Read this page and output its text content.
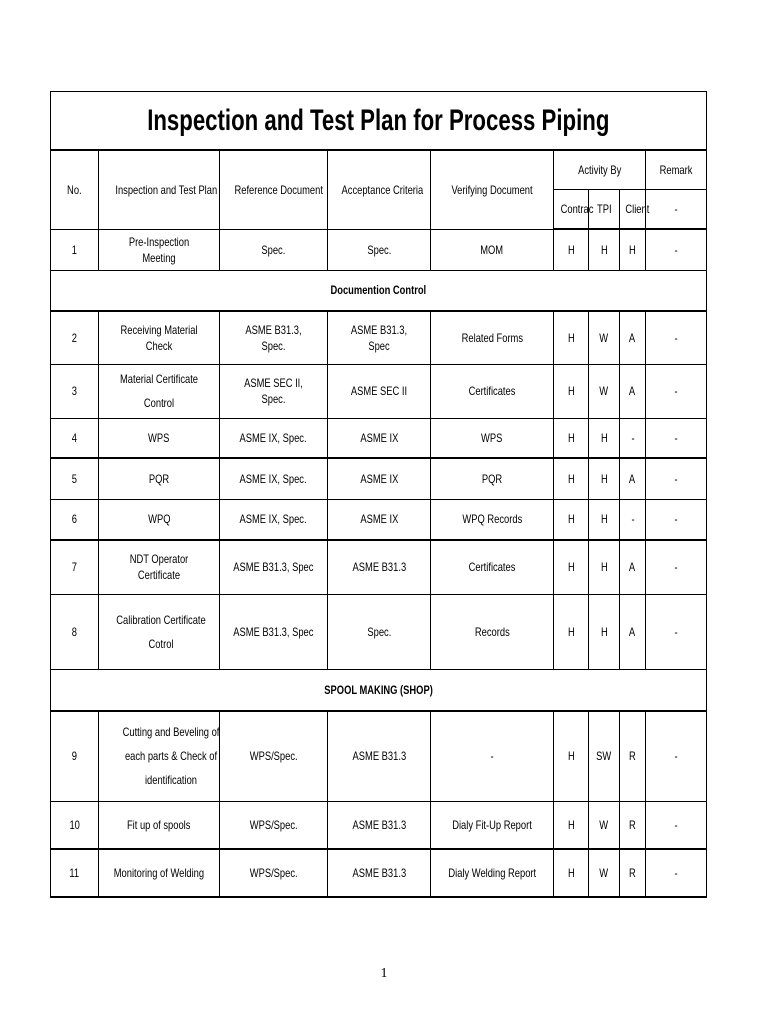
Inspection and Test Plan for Process Piping								
No.	Inspection and Test Plan	Reference Document	Acceptance Criteria	Verifying Document	Activity By			Remark
					Contrac	TPI	Client	-
1	Pre-Inspection Meeting	Spec.	Spec.	MOM	H	H	H	-
Documention Control								
2	Receiving Material Check	ASME B31.3, Spec.	ASME B31.3, Spec	Related Forms	H	W	A	-
3	Material Certificate Control	ASME SEC II, Spec.	ASME SEC II	Certificates	H	W	A	-
4	WPS	ASME IX, Spec.	ASME IX	WPS	H	H	-	-
5	PQR	ASME IX, Spec.	ASME IX	PQR	H	H	A	-
6	WPQ	ASME IX, Spec.	ASME IX	WPQ Records	H	H	-	-
7	NDT Operator Certificate	ASME B31.3, Spec	ASME B31.3	Certificates	H	H	A	-
8	Calibration Certificate Cotrol	ASME B31.3, Spec	Spec.	Records	H	H	A	-
SPOOL MAKING (SHOP)								
9	Cutting and Beveling of each parts & Check of identification	WPS/Spec.	ASME B31.3	-	H	SW	R	-
10	Fit up of spools	WPS/Spec.	ASME B31.3	Dialy Fit-Up Report	H	W	R	-
11	Monitoring of Welding	WPS/Spec.	ASME B31.3	Dialy Welding Report	H	W	R	-
1
